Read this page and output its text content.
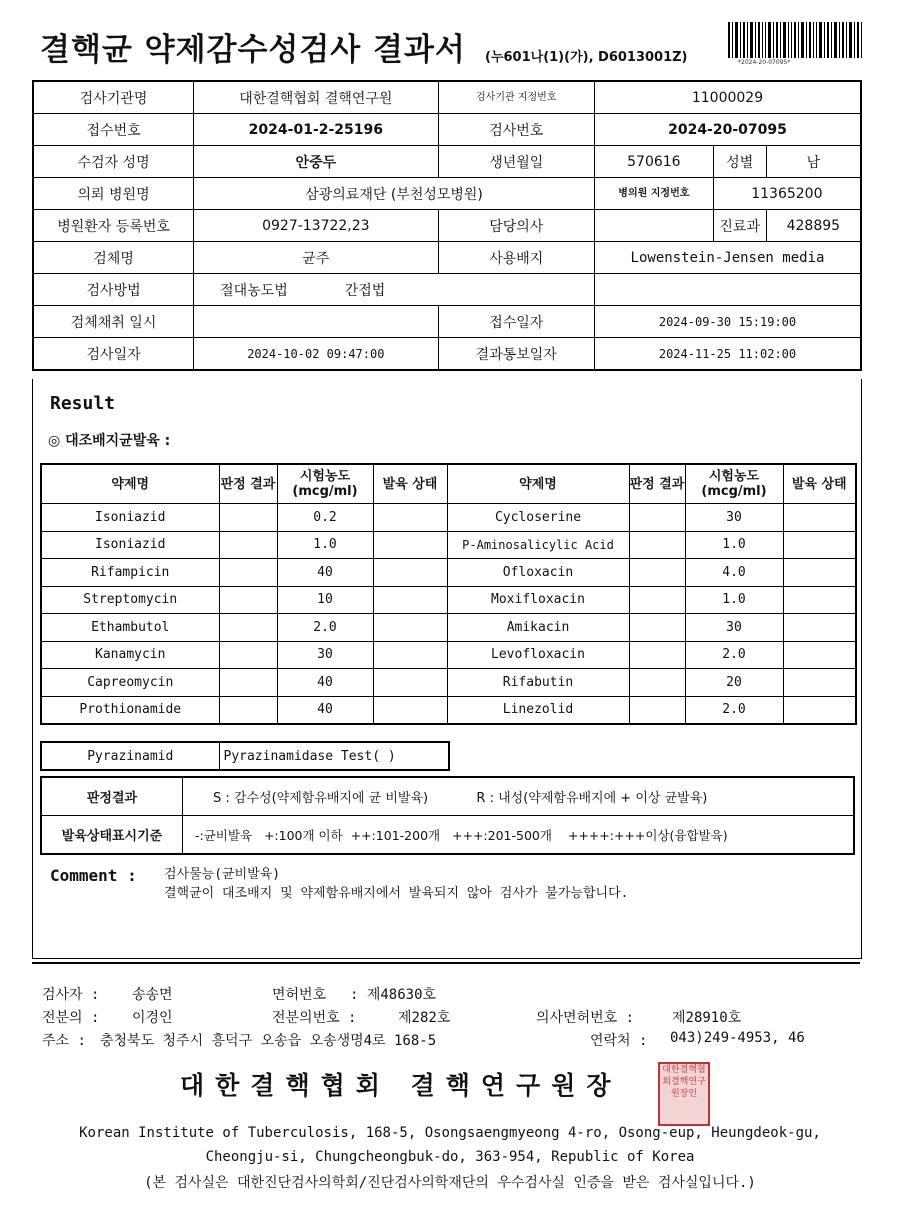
결핵균 약제감수성검사 결과서 (누601나(1)(가), D6013001Z)	*2024-20-07095*
검사기관명	대한결핵협회 결핵연구원	검사기관 지정번호	11000029		
접수번호	2024-01-2-25196	검사번호	2024-20-07095		
수검자 성명	안중두	생년월일	570616	성별	남
의뢰 병원명	삼광의료재단 (부천성모병원)		병의원 지정번호	11365200	
병원환자 등록번호	0927-13722,23	담당의사		진료과	428895
검체명	균주	사용배지	Lowenstein-Jensen media		
검사방법	절대농도법 간접법				
검체채취 일시		접수일자	2024-09-30 15:19:00		
검사일자	2024-10-02 09:47:00	결과통보일자	2024-11-25 11:02:00		
Result
◎ 대조배지균발육 :
약제명	판정 결과	시험농도 (mcg/ml)	발육 상태	약제명	판정 결과	시험농도 (mcg/ml)	발육 상태
Isoniazid		0.2		Cycloserine		30	
Isoniazid		1.0		P-Aminosalicylic Acid		1.0	
Rifampicin		40		Ofloxacin		4.0	
Streptomycin		10		Moxifloxacin		1.0	
Ethambutol		2.0		Amikacin		30	
Kanamycin		30		Levofloxacin		2.0	
Capreomycin		40		Rifabutin		20	
Prothionamide		40		Linezolid		2.0	
Pyrazinamid	Pyrazinamidase Test( )
판정결과	S : 감수성(약제함유배지에 균 비발육) R : 내성(약제함유배지에 + 이상 균발육)
발육상태표시기준	-:균비발육   +:100개 이하  ++:101-200개   +++:201-500개    ++++:+++이상(융합발육)
Comment : 검사물능(균비발육)
결핵균이 대조배지 및 약제함유배지에서 발육되지 않아 검사가 불가능합니다.
검사자 : 송송면	면허번호 : 제48630호
전분의 : 이경인	전분의번호 :	제282호	의사면허번호 :	제28910호
주소 : 충청북도 청주시 흥덕구 오송읍 오송생명4로 168-5	연락처 : 043)249-4953, 46
대한결핵협회 결핵연구원장
대한결핵협회결핵연구원장인
Korean Institute of Tuberculosis, 168-5, Osongsaengmyeong 4-ro, Osong-eup, Heungdeok-gu,
Cheongju-si, Chungcheongbuk-do, 363-954, Republic of Korea
(본 검사실은 대한진단검사의학회/진단검사의학재단의 우수검사실 인증을 받은 검사실입니다.)
